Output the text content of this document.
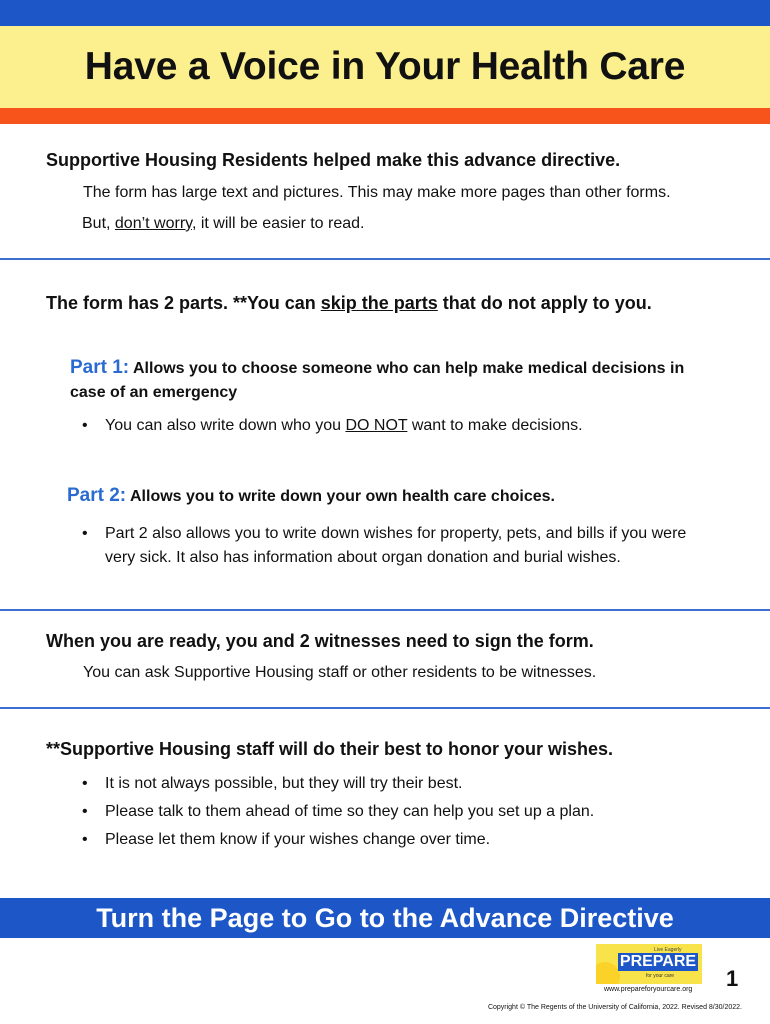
Have a Voice in Your Health Care
Supportive Housing Residents helped make this advance directive.
The form has large text and pictures. This may make more pages than other forms.
But, don’t worry, it will be easier to read.
The form has 2 parts. **You can skip the parts that do not apply to you.
Part 1: Allows you to choose someone who can help make medical decisions in case of an emergency
• You can also write down who you DO NOT want to make decisions.
Part 2: Allows you to write down your own health care choices.
• Part 2 also allows you to write down wishes for property, pets, and bills if you were very sick. It also has information about organ donation and burial wishes.
When you are ready, you and 2 witnesses need to sign the form.
You can ask Supportive Housing staff or other residents to be witnesses.
**Supportive Housing staff will do their best to honor your wishes.
• It is not always possible, but they will try their best.
• Please talk to them ahead of time so they can help you set up a plan.
• Please let them know if your wishes change over time.
Turn the Page to Go to the Advance Directive
Live Eagerly
PREPARE
for your care
www.prepareforyourcare.org 1
Copyright © The Regents of the University of California, 2022. Revised 8/30/2022.
